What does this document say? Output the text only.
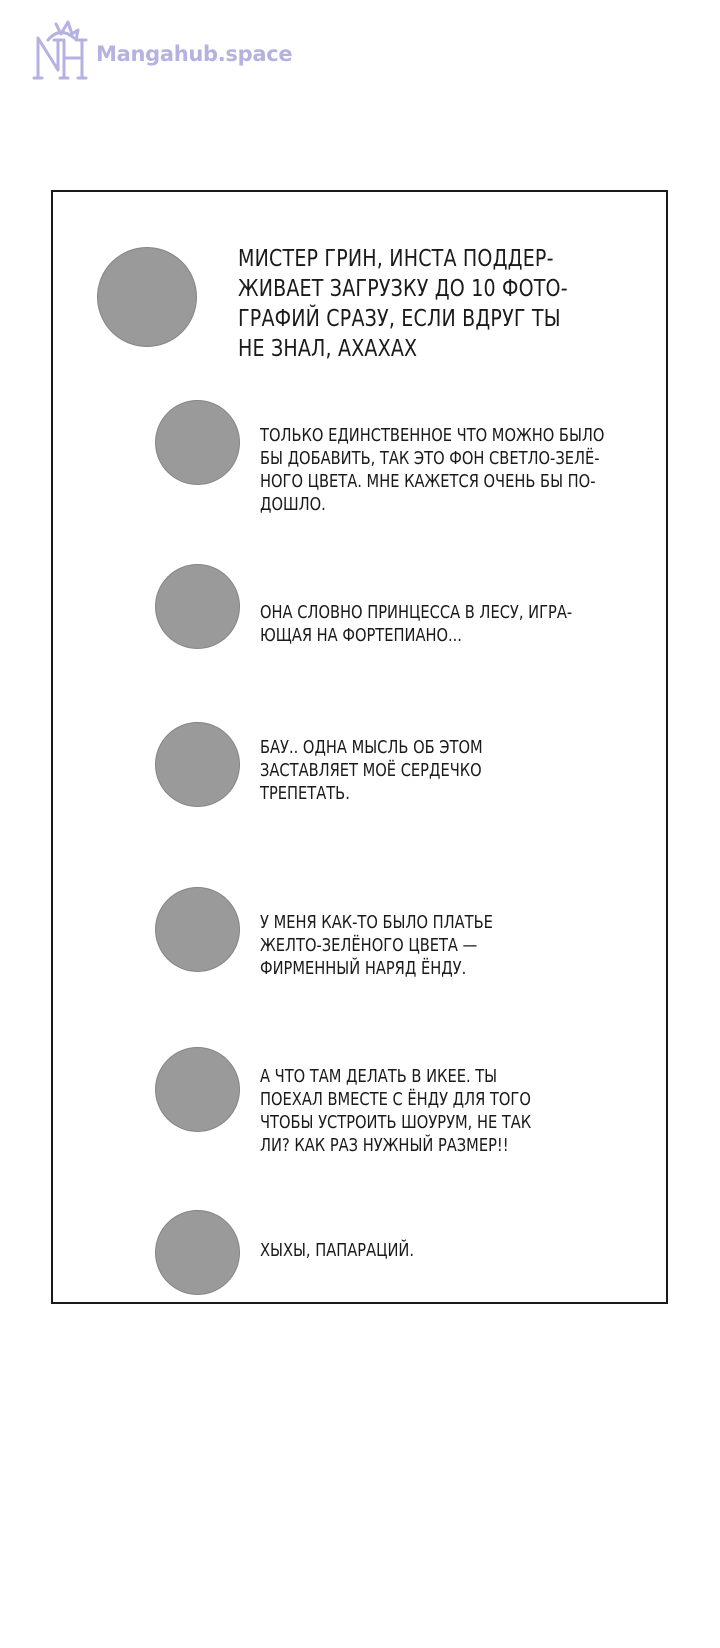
Mangahub.space

МИСТЕР ГРИН, ИНСТА ПОДДЕР-
ЖИВАЕТ ЗАГРУЗКУ ДО 10 ФОТО-
ГРАФИЙ СРАЗУ, ЕСЛИ ВДРУГ ТЫ
НЕ ЗНАЛ, АХАХАХ

ТОЛЬКО ЕДИНСТВЕННОЕ ЧТО МОЖНО БЫЛО
БЫ ДОБАВИТЬ, ТАК ЭТО ФОН СВЕТЛО-ЗЕЛЁ-
НОГО ЦВЕТА. МНЕ КАЖЕТСЯ ОЧЕНЬ БЫ ПО-
ДОШЛО.

ОНА СЛОВНО ПРИНЦЕССА В ЛЕСУ, ИГРА-
ЮЩАЯ НА ФОРТЕПИАНО...

БАУ.. ОДНА МЫСЛЬ ОБ ЭТОМ
ЗАСТАВЛЯЕТ МОЁ СЕРДЕЧКО
ТРЕПЕТАТЬ.

У МЕНЯ КАК-ТО БЫЛО ПЛАТЬЕ
ЖЕЛТО-ЗЕЛЁНОГО ЦВЕТА —
ФИРМЕННЫЙ НАРЯД ЁНДУ.

А ЧТО ТАМ ДЕЛАТЬ В ИКЕЕ. ТЫ
ПОЕХАЛ ВМЕСТЕ С ЁНДУ ДЛЯ ТОГО
ЧТОБЫ УСТРОИТЬ ШОУРУМ, НЕ ТАК
ЛИ? КАК РАЗ НУЖНЫЙ РАЗМЕР!!

ХЫХЫ, ПАПАРАЦИЙ.
